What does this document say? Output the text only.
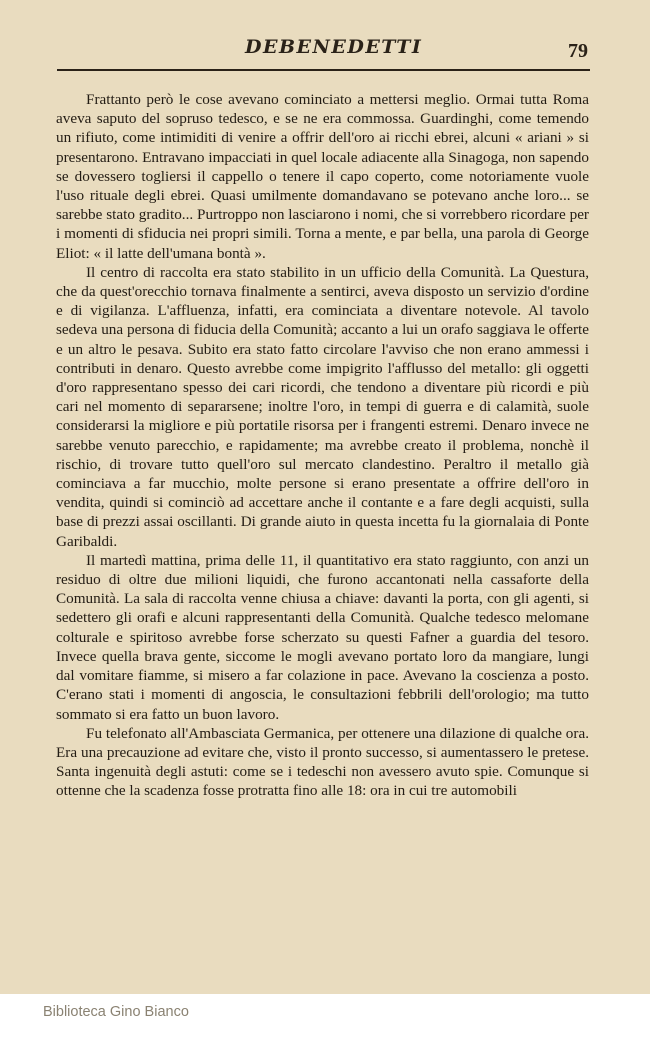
DEBENEDETTI	79

Frattanto però le cose avevano cominciato a mettersi meglio. Ormai tutta Roma aveva saputo del sopruso tedesco, e se ne era commossa. Guardinghi, come temendo un rifiuto, come intimiditi di venire a offrir dell'oro ai ricchi ebrei, alcuni « ariani » si presentarono. Entravano impacciati in quel locale adiacente alla Sinagoga, non sapendo se dovessero togliersi il cappello o tenere il capo coperto, come notoriamente vuole l'uso rituale degli ebrei. Quasi umilmente domandavano se potevano anche loro... se sarebbe stato gradito... Purtroppo non lasciarono i nomi, che si vorrebbero ricordare per i momenti di sfiducia nei propri simili. Torna a mente, e par bella, una parola di George Eliot: « il latte dell'umana bontà ».

Il centro di raccolta era stato stabilito in un ufficio della Comunità. La Questura, che da quest'orecchio tornava finalmente a sentirci, aveva disposto un servizio d'ordine e di vigilanza. L'affluenza, infatti, era cominciata a diventare notevole. Al tavolo sedeva una persona di fiducia della Comunità; accanto a lui un orafo saggiava le offerte e un altro le pesava. Subito era stato fatto circolare l'avviso che non erano ammessi i contributi in denaro. Questo avrebbe come impigrito l'afflusso del metallo: gli oggetti d'oro rappresentano spesso dei cari ricordi, che tendono a diventare più ricordi e più cari nel momento di separarsene; inoltre l'oro, in tempi di guerra e di calamità, suole considerarsi la migliore e più portatile risorsa per i frangenti estremi. Denaro invece ne sarebbe venuto parecchio, e rapidamente; ma avrebbe creato il problema, nonchè il rischio, di trovare tutto quell'oro sul mercato clandestino. Peraltro il metallo già cominciava a far mucchio, molte persone si erano presentate a offrire dell'oro in vendita, quindi si cominciò ad accettare anche il contante e a fare degli acquisti, sulla base di prezzi assai oscillanti. Di grande aiuto in questa incetta fu la giornalaia di Ponte Garibaldi.

Il martedì mattina, prima delle 11, il quantitativo era stato raggiunto, con anzi un residuo di oltre due milioni liquidi, che furono accantonati nella cassaforte della Comunità. La sala di raccolta venne chiusa a chiave: davanti la porta, con gli agenti, si sedettero gli orafi e alcuni rappresentanti della Comunità. Qualche tedesco melomane colturale e spiritoso avrebbe forse scherzato su questi Fafner a guardia del tesoro. Invece quella brava gente, siccome le mogli avevano portato loro da mangiare, lungi dal vomitare fiamme, si misero a far colazione in pace. Avevano la coscienza a posto. C'erano stati i momenti di angoscia, le consultazioni febbrili dell'orologio; ma tutto sommato si era fatto un buon lavoro.

Fu telefonato all'Ambasciata Germanica, per ottenere una dilazione di qualche ora. Era una precauzione ad evitare che, visto il pronto successo, si aumentassero le pretese. Santa ingenuità degli astuti: come se i tedeschi non avessero avuto spie. Comunque si ottenne che la scadenza fosse protratta fino alle 18: ora in cui tre automobili

Biblioteca Gino Bianco
